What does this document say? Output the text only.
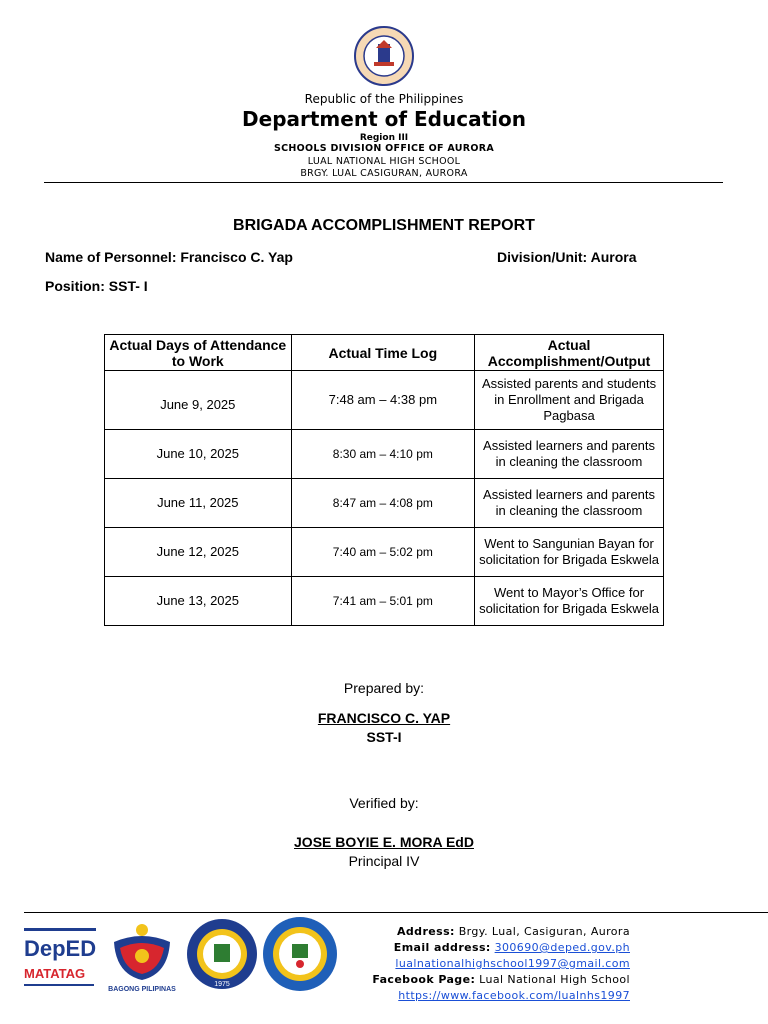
Republic of the Philippines
Department of Education
Region III
SCHOOLS DIVISION OFFICE OF AURORA
LUAL NATIONAL HIGH SCHOOL
BRGY. LUAL CASIGURAN, AURORA
BRIGADA ACCOMPLISHMENT REPORT
Name of Personnel: Francisco C. Yap	Division/Unit: Aurora
Position: SST- I
Actual Days of Attendance to Work	Actual Time Log	Actual Accomplishment/Output
June 9, 2025	7:48 am – 4:38 pm	Assisted parents and students in Enrollment and Brigada Pagbasa
June 10, 2025	8:30 am – 4:10 pm	Assisted learners and parents in cleaning the classroom
June 11, 2025	8:47 am – 4:08 pm	Assisted learners and parents in cleaning the classroom
June 12, 2025	7:40 am – 5:02 pm	Went to Sangunian Bayan for solicitation for Brigada Eskwela
June 13, 2025	7:41 am – 5:01 pm	Went to Mayor’s Office for solicitation for Brigada Eskwela
Prepared by:
FRANCISCO C. YAP
SST-I
Verified by:
JOSE BOYIE E. MORA EdD
Principal IV
DepED
MATATAG
BAGONG PILIPINAS
1975
Address: Brgy. Lual, Casiguran, Aurora
Email address: 300690@deped.gov.ph
lualnationalhighschool1997@gmail.com
Facebook Page: Lual National High School
https://www.facebook.com/lualnhs1997
